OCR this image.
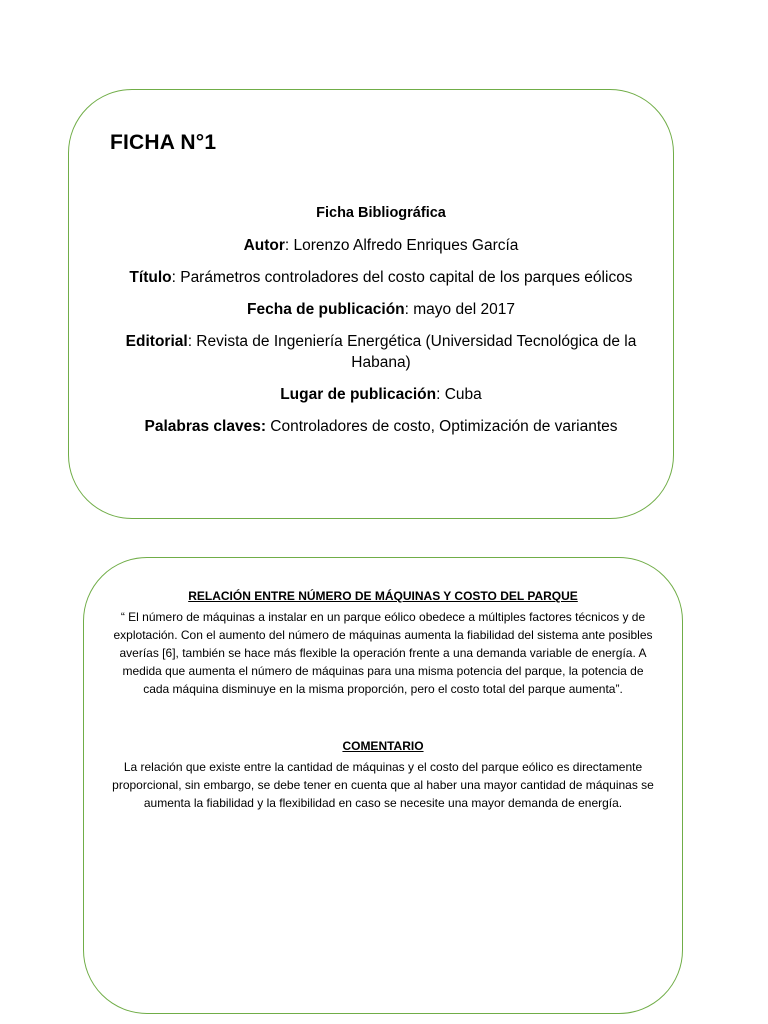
FICHA N°1

Ficha Bibliográfica

Autor: Lorenzo Alfredo Enriques García

Título: Parámetros controladores del costo capital de los parques eólicos

Fecha de publicación: mayo del 2017

Editorial: Revista de Ingeniería Energética (Universidad Tecnológica de la Habana)

Lugar de publicación: Cuba

Palabras claves: Controladores de costo, Optimización de variantes

RELACIÓN ENTRE NÚMERO DE MÁQUINAS Y COSTO DEL PARQUE

“ El número de máquinas a instalar en un parque eólico obedece a múltiples factores técnicos y de explotación. Con el aumento del número de máquinas aumenta la fiabilidad del sistema ante posibles averías [6], también se hace más flexible la operación frente a una demanda variable de energía. A medida que aumenta el número de máquinas para una misma potencia del parque, la potencia de cada máquina disminuye en la misma proporción, pero el costo total del parque aumenta”.

COMENTARIO

La relación que existe entre la cantidad de máquinas y el costo del parque eólico es directamente proporcional, sin embargo, se debe tener en cuenta que al haber una mayor cantidad de máquinas se aumenta la fiabilidad y la flexibilidad en caso se necesite una mayor demanda de energía.
